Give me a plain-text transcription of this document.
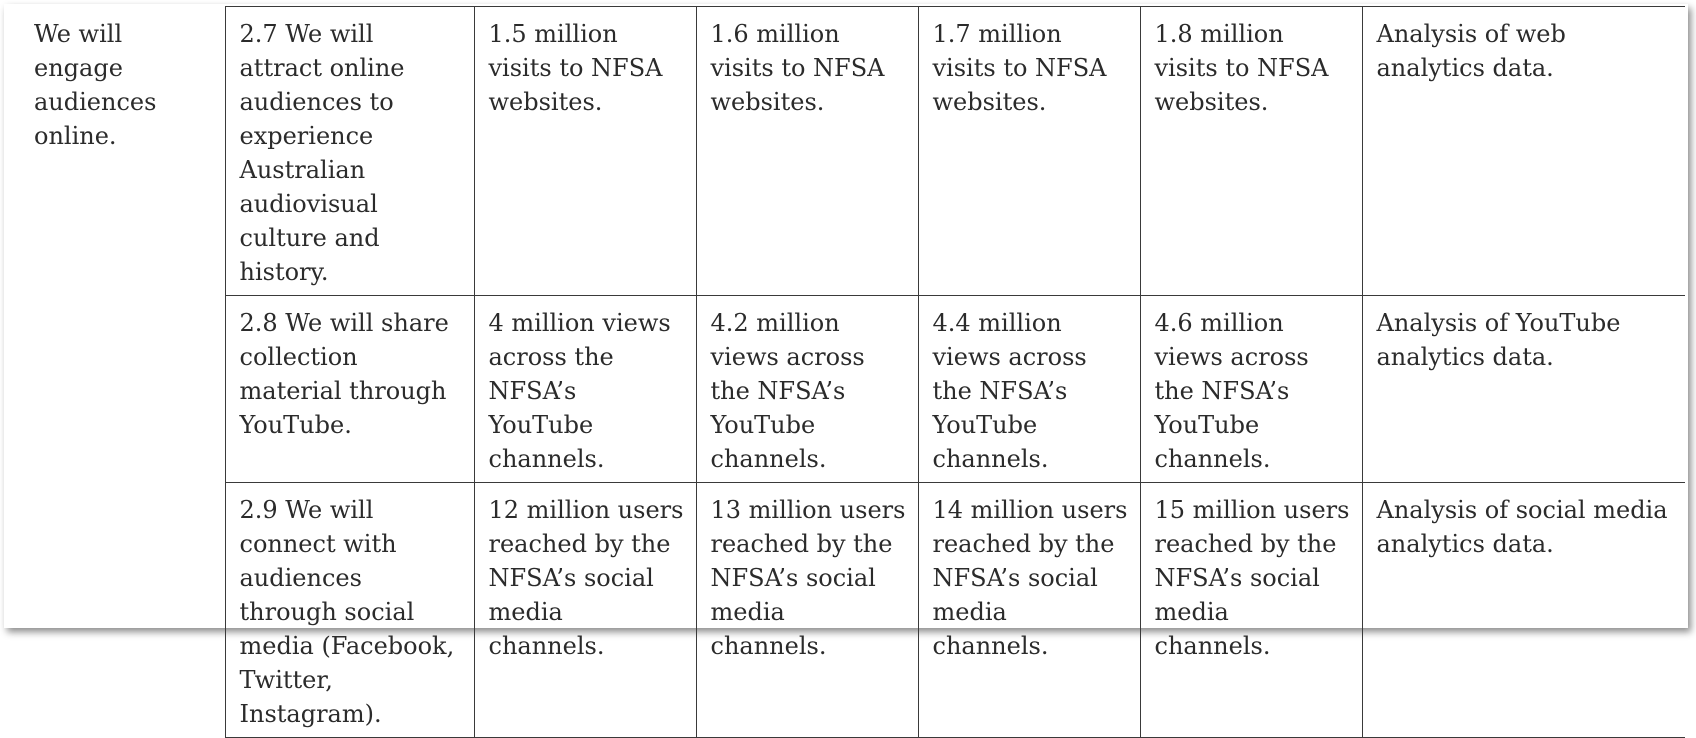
We will engage audiences online.	2.7 We will attract online audiences to experience Australian audiovisual culture and history.	1.5 million visits to NFSA websites.	1.6 million visits to NFSA websites.	1.7 million visits to NFSA websites.	1.8 million visits to NFSA websites.	Analysis of web analytics data.

	2.8 We will share collection material through YouTube.	4 million views across the NFSA’s YouTube channels.	4.2 million views across the NFSA’s YouTube channels.	4.4 million views across the NFSA’s YouTube channels.	4.6 million views across the NFSA’s YouTube channels.	Analysis of YouTube analytics data.

	2.9 We will connect with audiences through social media (Facebook, Twitter, Instagram).	12 million users reached by the NFSA’s social media channels.	13 million users reached by the NFSA’s social media channels.	14 million users reached by the NFSA’s social media channels.	15 million users reached by the NFSA’s social media channels.	Analysis of social media analytics data.
